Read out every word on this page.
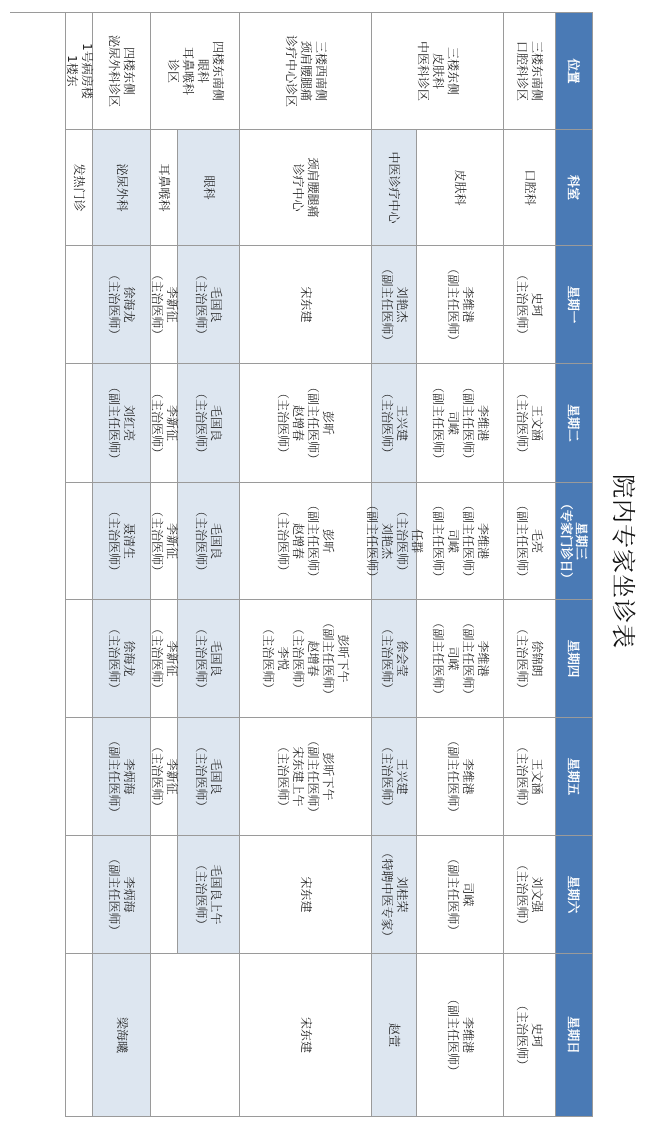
院内专家坐诊表
位置
科室
星期一
星期二
星期三
（专家门诊日）
星期四
星期五
星期六
星期日
三楼东南侧
口腔科诊区
三楼东侧
皮肤科
中医科诊区
三楼西南侧
颈肩腰腿痛
诊疗中心诊区
四楼东南侧
眼科
耳鼻喉科
诊区
四楼东侧
泌尿外科诊区
1号病房楼
1楼东
口腔科
皮肤科
中医诊疗中心
颈肩腰腿痛
诊疗中心
眼科
耳鼻喉科
泌尿外科
发热门诊
史珂
（主治医师）
王文涵
（主治医师）
毛亮
（副主任医师）
徐锦朗
（主治医师）
王文涵
（主治医师）
刘文强
（主治医师）
史珂
（主治医师）
李维港
（副主任医师）
李维港
（副主任医师）
司嵘
（副主任医师）
李维港
（副主任医师）
司嵘
（副主任医师）
李维港
（副主任医师）
司嵘
（副主任医师）
李维港
（副主任医师）
司嵘
（副主任医师）
李维港
（副主任医师）
刘艳杰
（副主任医师）
王兴建
（主治医师）
任群
（主治医师）
刘艳杰
（副主任医师）
徐会莹
（主治医师）
王兴建
（主治医师）
刘桂荣
（特聘中医专家）
赵萱
宋东建
彭昕
（副主任医师）
赵增春
（主治医师）
彭昕
（副主任医师）
赵增春
（主治医师）
彭昕下午
（副主任医师）
赵增春
（主治医师）
李悦
（主治医师）
彭昕下午
（副主任医师）
宋东建上午
（主治医师）
宋东建
宋东建
毛国良
（主治医师）
毛国良
（主治医师）
毛国良
（主治医师）
毛国良
（主治医师）
毛国良
（主治医师）
毛国良上午
（主治医师）
李新征
（主治医师）
李新征
（主治医师）
李新征
（主治医师）
李新征
（主治医师）
李新征
（主治医师）
徐海龙
（主治医师）
刘红亮
（副主任医师）
聂清生
（主治医师）
徐海龙
（主治医师）
李炳海
（副主任医师）
李炳海
（副主任医师）
梁海曦
